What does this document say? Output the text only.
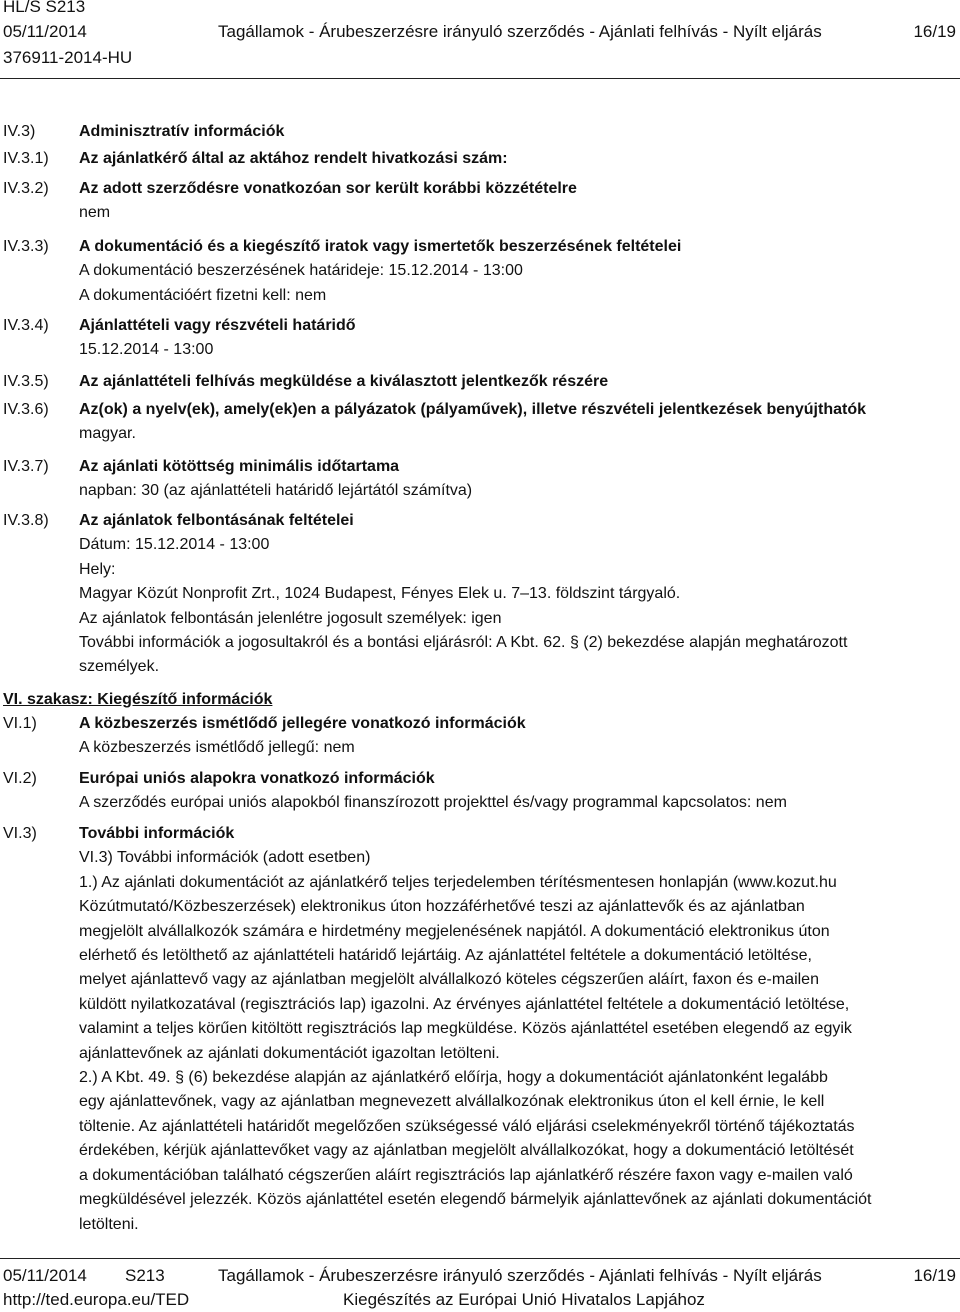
HL/S S213
05/11/2014
376911-2014-HU
Tagállamok - Árubeszerzésre irányuló szerződés - Ajánlati felhívás - Nyílt eljárás	16/19
IV.3)	Adminisztratív információk
IV.3.1)	Az ajánlatkérő által az aktához rendelt hivatkozási szám:
IV.3.2)	Az adott szerződésre vonatkozóan sor került korábbi közzétételre
nem
IV.3.3)	A dokumentáció és a kiegészítő iratok vagy ismertetők beszerzésének feltételei
A dokumentáció beszerzésének határideje: 15.12.2014 - 13:00
A dokumentációért fizetni kell: nem
IV.3.4)	Ajánlattételi vagy részvételi határidő
15.12.2014 - 13:00
IV.3.5)	Az ajánlattételi felhívás megküldése a kiválasztott jelentkezők részére
IV.3.6)	Az(ok) a nyelv(ek), amely(ek)en a pályázatok (pályaművek), illetve részvételi jelentkezések benyújthatók
magyar.
IV.3.7)	Az ajánlati kötöttség minimális időtartama
napban: 30 (az ajánlattételi határidő lejártától számítva)
IV.3.8)	Az ajánlatok felbontásának feltételei
Dátum: 15.12.2014 - 13:00
Hely:
Magyar Közút Nonprofit Zrt., 1024 Budapest, Fényes Elek u. 7–13. földszint tárgyaló.
Az ajánlatok felbontásán jelenlétre jogosult személyek: igen
További információk a jogosultakról és a bontási eljárásról: A Kbt. 62. § (2) bekezdése alapján meghatározott
személyek.
VI. szakasz: Kiegészítő információk
VI.1)	A közbeszerzés ismétlődő jellegére vonatkozó információk
A közbeszerzés ismétlődő jellegű: nem
VI.2)	Európai uniós alapokra vonatkozó információk
A szerződés európai uniós alapokból finanszírozott projekttel és/vagy programmal kapcsolatos: nem
VI.3)	További információk
VI.3) További információk (adott esetben)
1.) Az ajánlati dokumentációt az ajánlatkérő teljes terjedelemben térítésmentesen honlapján (www.kozut.hu
Közútmutató/Közbeszerzések) elektronikus úton hozzáférhetővé teszi az ajánlattevők és az ajánlatban
megjelölt alvállalkozók számára e hirdetmény megjelenésének napjától. A dokumentáció elektronikus úton
elérhető és letölthető az ajánlattételi határidő lejártáig. Az ajánlattétel feltétele a dokumentáció letöltése,
melyet ajánlattevő vagy az ajánlatban megjelölt alvállalkozó köteles cégszerűen aláírt, faxon és e-mailen
küldött nyilatkozatával (regisztrációs lap) igazolni. Az érvényes ajánlattétel feltétele a dokumentáció letöltése,
valamint a teljes körűen kitöltött regisztrációs lap megküldése. Közös ajánlattétel esetében elegendő az egyik
ajánlattevőnek az ajánlati dokumentációt igazoltan letölteni.
2.) A Kbt. 49. § (6) bekezdése alapján az ajánlatkérő előírja, hogy a dokumentációt ajánlatonként legalább
egy ajánlattevőnek, vagy az ajánlatban megnevezett alvállalkozónak elektronikus úton el kell érnie, le kell
töltenie. Az ajánlattételi határidőt megelőzően szükségessé váló eljárási cselekményekről történő tájékoztatás
érdekében, kérjük ajánlattevőket vagy az ajánlatban megjelölt alvállalkozókat, hogy a dokumentáció letöltését
a dokumentációban található cégszerűen aláírt regisztrációs lap ajánlatkérő részére faxon vagy e-mailen való
megküldésével jelezzék. Közös ajánlattétel esetén elegendő bármelyik ajánlattevőnek az ajánlati dokumentációt
letölteni.
05/11/2014 S213	Tagállamok - Árubeszerzésre irányuló szerződés - Ajánlati felhívás - Nyílt eljárás	16/19
http://ted.europa.eu/TED	Kiegészítés az Európai Unió Hivatalos Lapjához
